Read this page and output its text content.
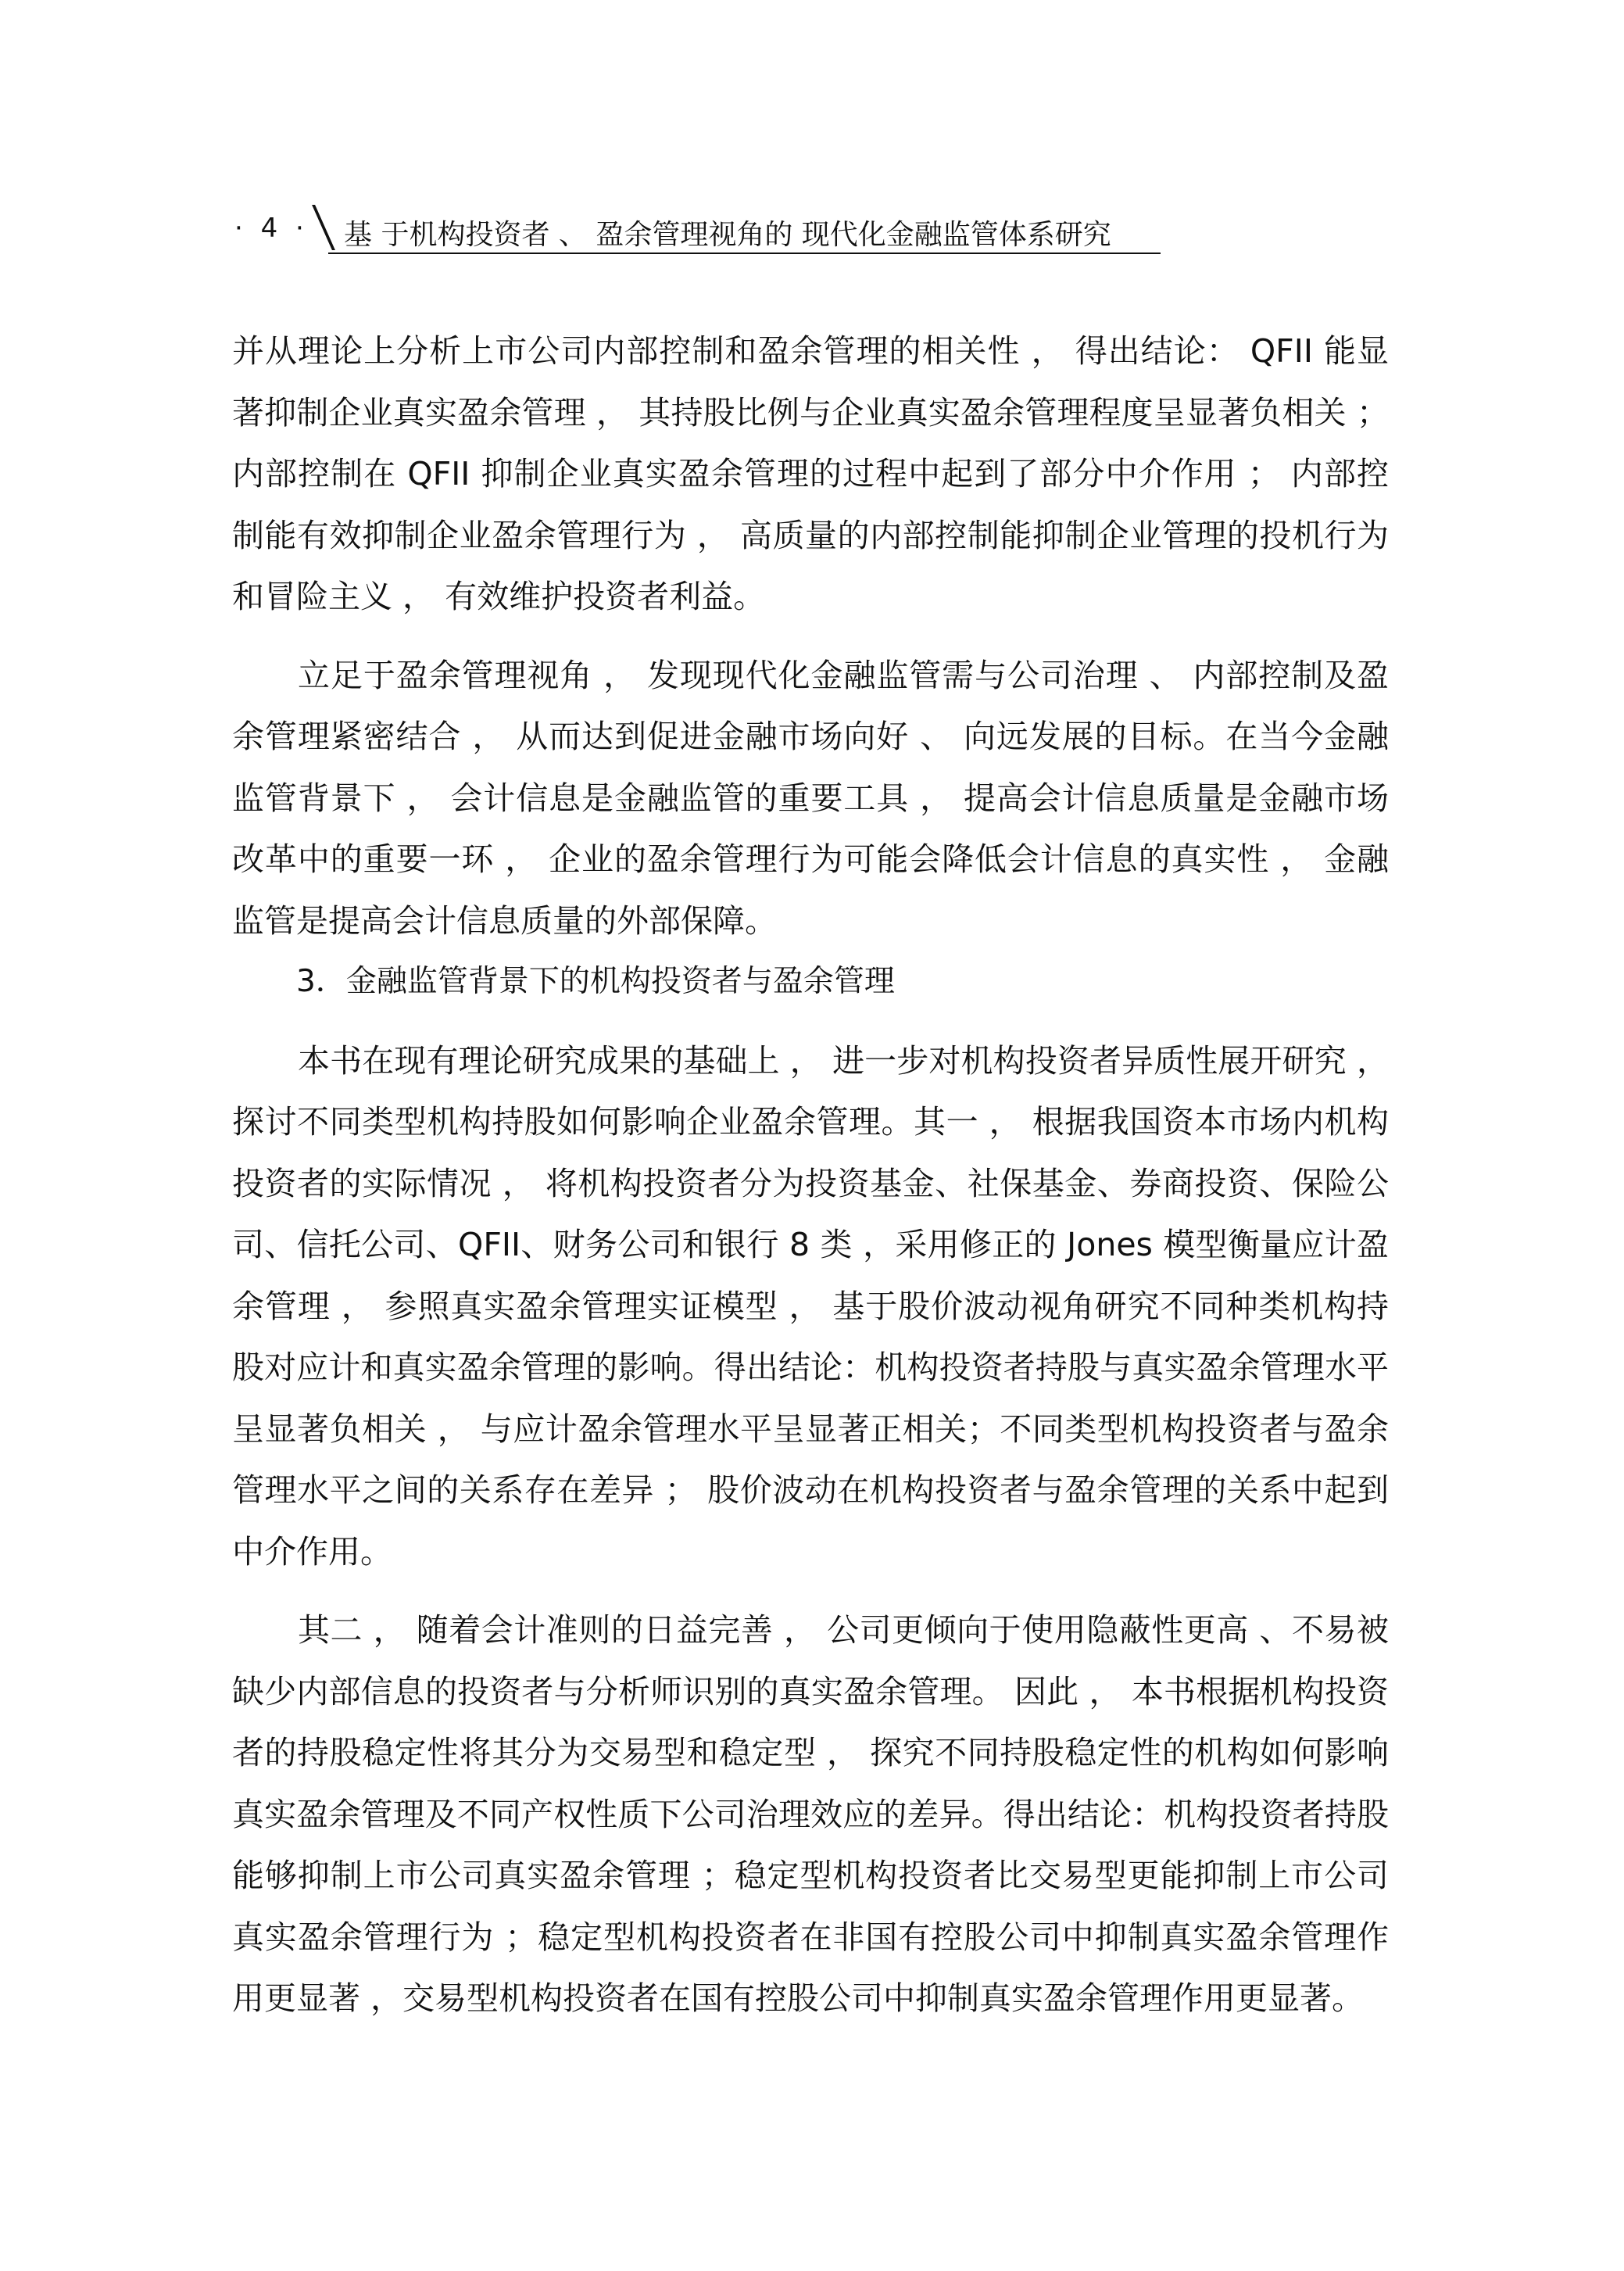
· 4 · 基 于机构投资者 、 盈余管理视角的 现代化金融监管体系研究

并从理论上分析上市公司内部控制和盈余管理的相关性 ， 得出结论： QFII 能显著抑制企业真实盈余管理 ， 其持股比例与企业真实盈余管理程度呈显著负相关 ； 内部控制在 QFII 抑制企业真实盈余管理的过程中起到了部分中介作用 ； 内部控制能有效抑制企业盈余管理行为 ， 高质量的内部控制能抑制企业管理的投机行为和冒险主义 ， 有效维护投资者利益。

立足于盈余管理视角 ， 发现现代化金融监管需与公司治理 、 内部控制及盈余管理紧密结合 ， 从而达到促进金融市场向好 、 向远发展的目标。在当今金融监管背景下 ， 会计信息是金融监管的重要工具 ， 提高会计信息质量是金融市场改革中的重要一环 ， 企业的盈余管理行为可能会降低会计信息的真实性 ， 金融监管是提高会计信息质量的外部保障。

3．金融监管背景下的机构投资者与盈余管理

本书在现有理论研究成果的基础上 ， 进一步对机构投资者异质性展开研究 ， 探讨不同类型机构持股如何影响企业盈余管理。其一 ， 根据我国资本市场内机构投资者的实际情况 ， 将机构投资者分为投资基金、社保基金、券商投资、保险公司、信托公司、QFII、财务公司和银行 8 类 ，采用修正的 Jones 模型衡量应计盈余管理 ， 参照真实盈余管理实证模型 ， 基于股价波动视角研究不同种类机构持股对应计和真实盈余管理的影响。得出结论：机构投资者持股与真实盈余管理水平呈显著负相关 ， 与应计盈余管理水平呈显著正相关；不同类型机构投资者与盈余管理水平之间的关系存在差异 ； 股价波动在机构投资者与盈余管理的关系中起到中介作用。

其二 ， 随着会计准则的日益完善 ， 公司更倾向于使用隐蔽性更高 、不易被缺少内部信息的投资者与分析师识别的真实盈余管理。 因此 ， 本书根据机构投资者的持股稳定性将其分为交易型和稳定型 ， 探究不同持股稳定性的机构如何影响真实盈余管理及不同产权性质下公司治理效应的差异。得出结论：机构投资者持股能够抑制上市公司真实盈余管理 ；稳定型机构投资者比交易型更能抑制上市公司真实盈余管理行为 ；稳定型机构投资者在非国有控股公司中抑制真实盈余管理作用更显著 ，交易型机构投资者在国有控股公司中抑制真实盈余管理作用更显著。
